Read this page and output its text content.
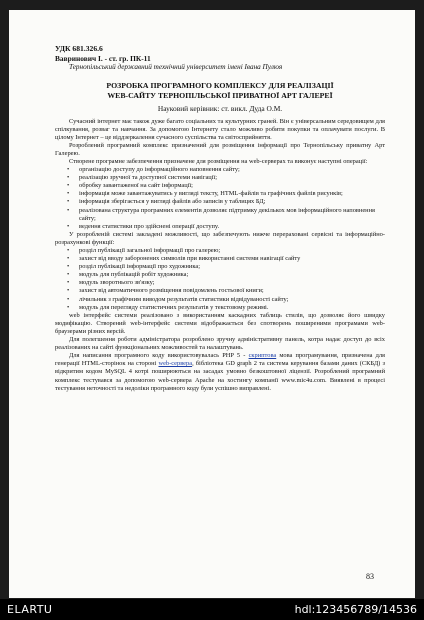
УДК 681.326.6
Вавринович І. - ст. гр. ПК-11
Тернопільський державний технічний університет імені Івана Пулюя
РОЗРОБКА ПРОГРАМНОГО КОМПЛЕКСУ ДЛЯ РЕАЛІЗАЦІЇ
WEB-САЙТУ ТЕРНОПІЛЬСЬКОЇ ПРИВАТНОЇ АРТ ГАЛЕРЕЇ
Науковий керівник: ст. викл. Дуда О.М.

Сучасний інтернет має також дуже багато соціальних та культурних граней. Він є універсальним середовищем для спілкування, розваг та навчання. За допомогою Інтернету стало можливо робити покупки та оплачувати послуги. В цілому Інтернет – це віддзеркалення сучасного суспільства та світосприйняття.

Розроблений програмний комплекс призначений для розміщення інформації про Тернопільську приватну Арт Галерею.

Створене програмне забезпечення призначене для розміщення на web-серверах та виконує наступні операції:

• організацію доступу до інформаційного наповнення сайту;
• реалізацію зручної та доступної системи навігації;
• обробку завантаженої на сайт інформації;
• інформація може завантажуватись у вигляді тексту, HTML-файлів та графічних файлів рисунків;
• інформація зберігається у вигляді файлів або записів у таблицях БД;
• реалізована структура програмних елементів дозволяє підтримку декількох мов інформаційного наповнення сайту;
• ведення статистики про здійснені операції доступу.

У розробленій системі закладені можливості, що забезпечують нижче перераховані сервісні та інформаційно-розрахункові функції:

• розділ публікації загальної інформації про галерею;
• захист від вводу заборонених символів при використанні системи навігації сайту
• розділ публікації інформації про художника;
• модуль для публікацій робіт художника;
• модуль зворотнього зв'язку;
• захист від автоматичного розміщення повідомлень гостьової книги;
• лічильник з графічним виводом результатів статистики відвідуваності сайту;
• модуль для перегляду статистичних результатів у текстовому режимі.

web інтерфейс системи реалізовано з використанням каскадних таблиць стилів, що дозволяє його швидку модифікацію. Створений web-інтерфейс системи відображається без спотворень поширеними програмами web-браузерами різних версій.

Для полегшення роботи адміністратора розроблено зручну адміністративну панель, котра надає доступ до всіх реалізованих на сайті функціональних можливостей та налаштувань.

Для написання програмного коду використовувалась PHP 5 - скриптова мова програмування, призначена для генерації HTML-сторінок на стороні web-сервера, бібліотека GD graph 2 та система керування базами даних (СКБД) з відкритим кодом MySQL 4 котрі поширюються на засадах умовно безкоштовної ліцензії. Розроблений програмний комплекс тестувався за допомогою web-сервера Apache на хостингу компанії www.mic4u.com. Виявлені в процесі тестування неточності та недоліки програмного коду були успішно виправлені.

83
ELARTU	hdl:123456789/14536
